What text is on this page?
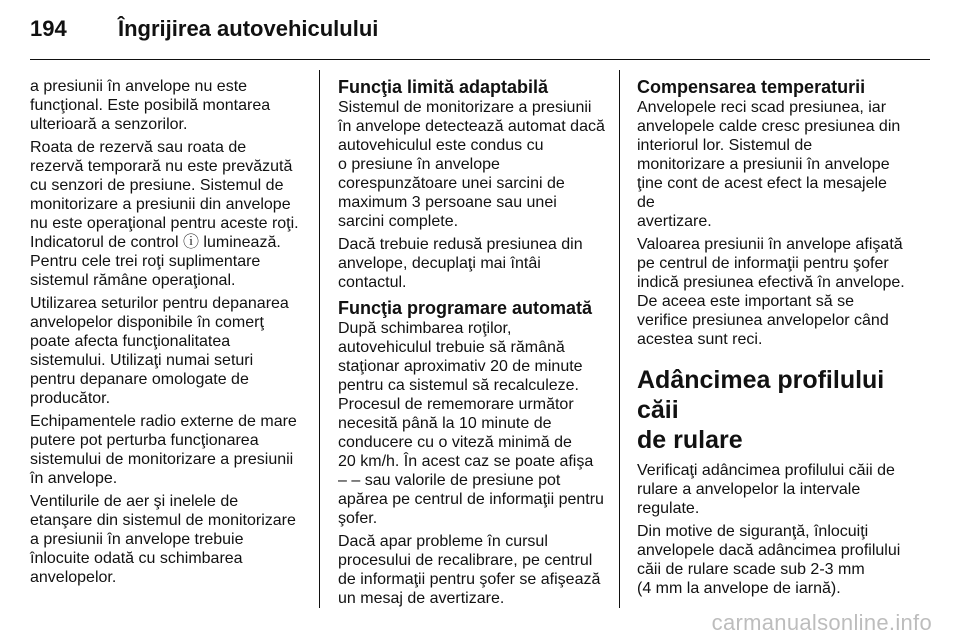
194	Îngrijirea autovehiculului

a presiunii în anvelope nu este
funcţional. Este posibilă montarea
ulterioară a senzorilor.

Roata de rezervă sau roata de
rezervă temporară nu este prevăzută
cu senzori de presiune. Sistemul de
monitorizare a presiunii din anvelope
nu este operaţional pentru aceste roţi.
Indicatorul de control ⓘ luminează.
Pentru cele trei roţi suplimentare
sistemul rămâne operaţional.

Utilizarea seturilor pentru depanarea
anvelopelor disponibile în comerţ
poate afecta funcţionalitatea
sistemului. Utilizaţi numai seturi
pentru depanare omologate de
producător.

Echipamentele radio externe de mare
putere pot perturba funcţionarea
sistemului de monitorizare a presiunii
în anvelope.

Ventilurile de aer şi inelele de
etanşare din sistemul de monitorizare
a presiunii în anvelope trebuie
înlocuite odată cu schimbarea
anvelopelor.

Funcţia limită adaptabilă

Sistemul de monitorizare a presiunii
în anvelope detectează automat dacă
autovehiculul este condus cu
o presiune în anvelope
corespunzătoare unei sarcini de
maximum 3 persoane sau unei
sarcini complete.

Dacă trebuie redusă presiunea din
anvelope, decuplaţi mai întâi
contactul.

Funcţia programare automată

După schimbarea roţilor,
autovehiculul trebuie să rămână
staţionar aproximativ 20 de minute
pentru ca sistemul să recalculeze.
Procesul de rememorare următor
necesită până la 10 minute de
conducere cu o viteză minimă de
20 km/h. În acest caz se poate afişa
– – sau valorile de presiune pot
apărea pe centrul de informaţii pentru
şofer.

Dacă apar probleme în cursul
procesului de recalibrare, pe centrul
de informaţii pentru şofer se afişează
un mesaj de avertizare.

Compensarea temperaturii

Anvelopele reci scad presiunea, iar
anvelopele calde cresc presiunea din
interiorul lor. Sistemul de
monitorizare a presiunii în anvelope
ţine cont de acest efect la mesajele de
avertizare.

Valoarea presiunii în anvelope afişată
pe centrul de informaţii pentru şofer
indică presiunea efectivă în anvelope.
De aceea este important să se
verifice presiunea anvelopelor când
acestea sunt reci.

Adâncimea profilului căii
de rulare

Verificaţi adâncimea profilului căii de
rulare a anvelopelor la intervale
regulate.

Din motive de siguranţă, înlocuiţi
anvelopele dacă adâncimea profilului
căii de rulare scade sub 2-3 mm
(4 mm la anvelope de iarnă).

carmanualsonline.info
